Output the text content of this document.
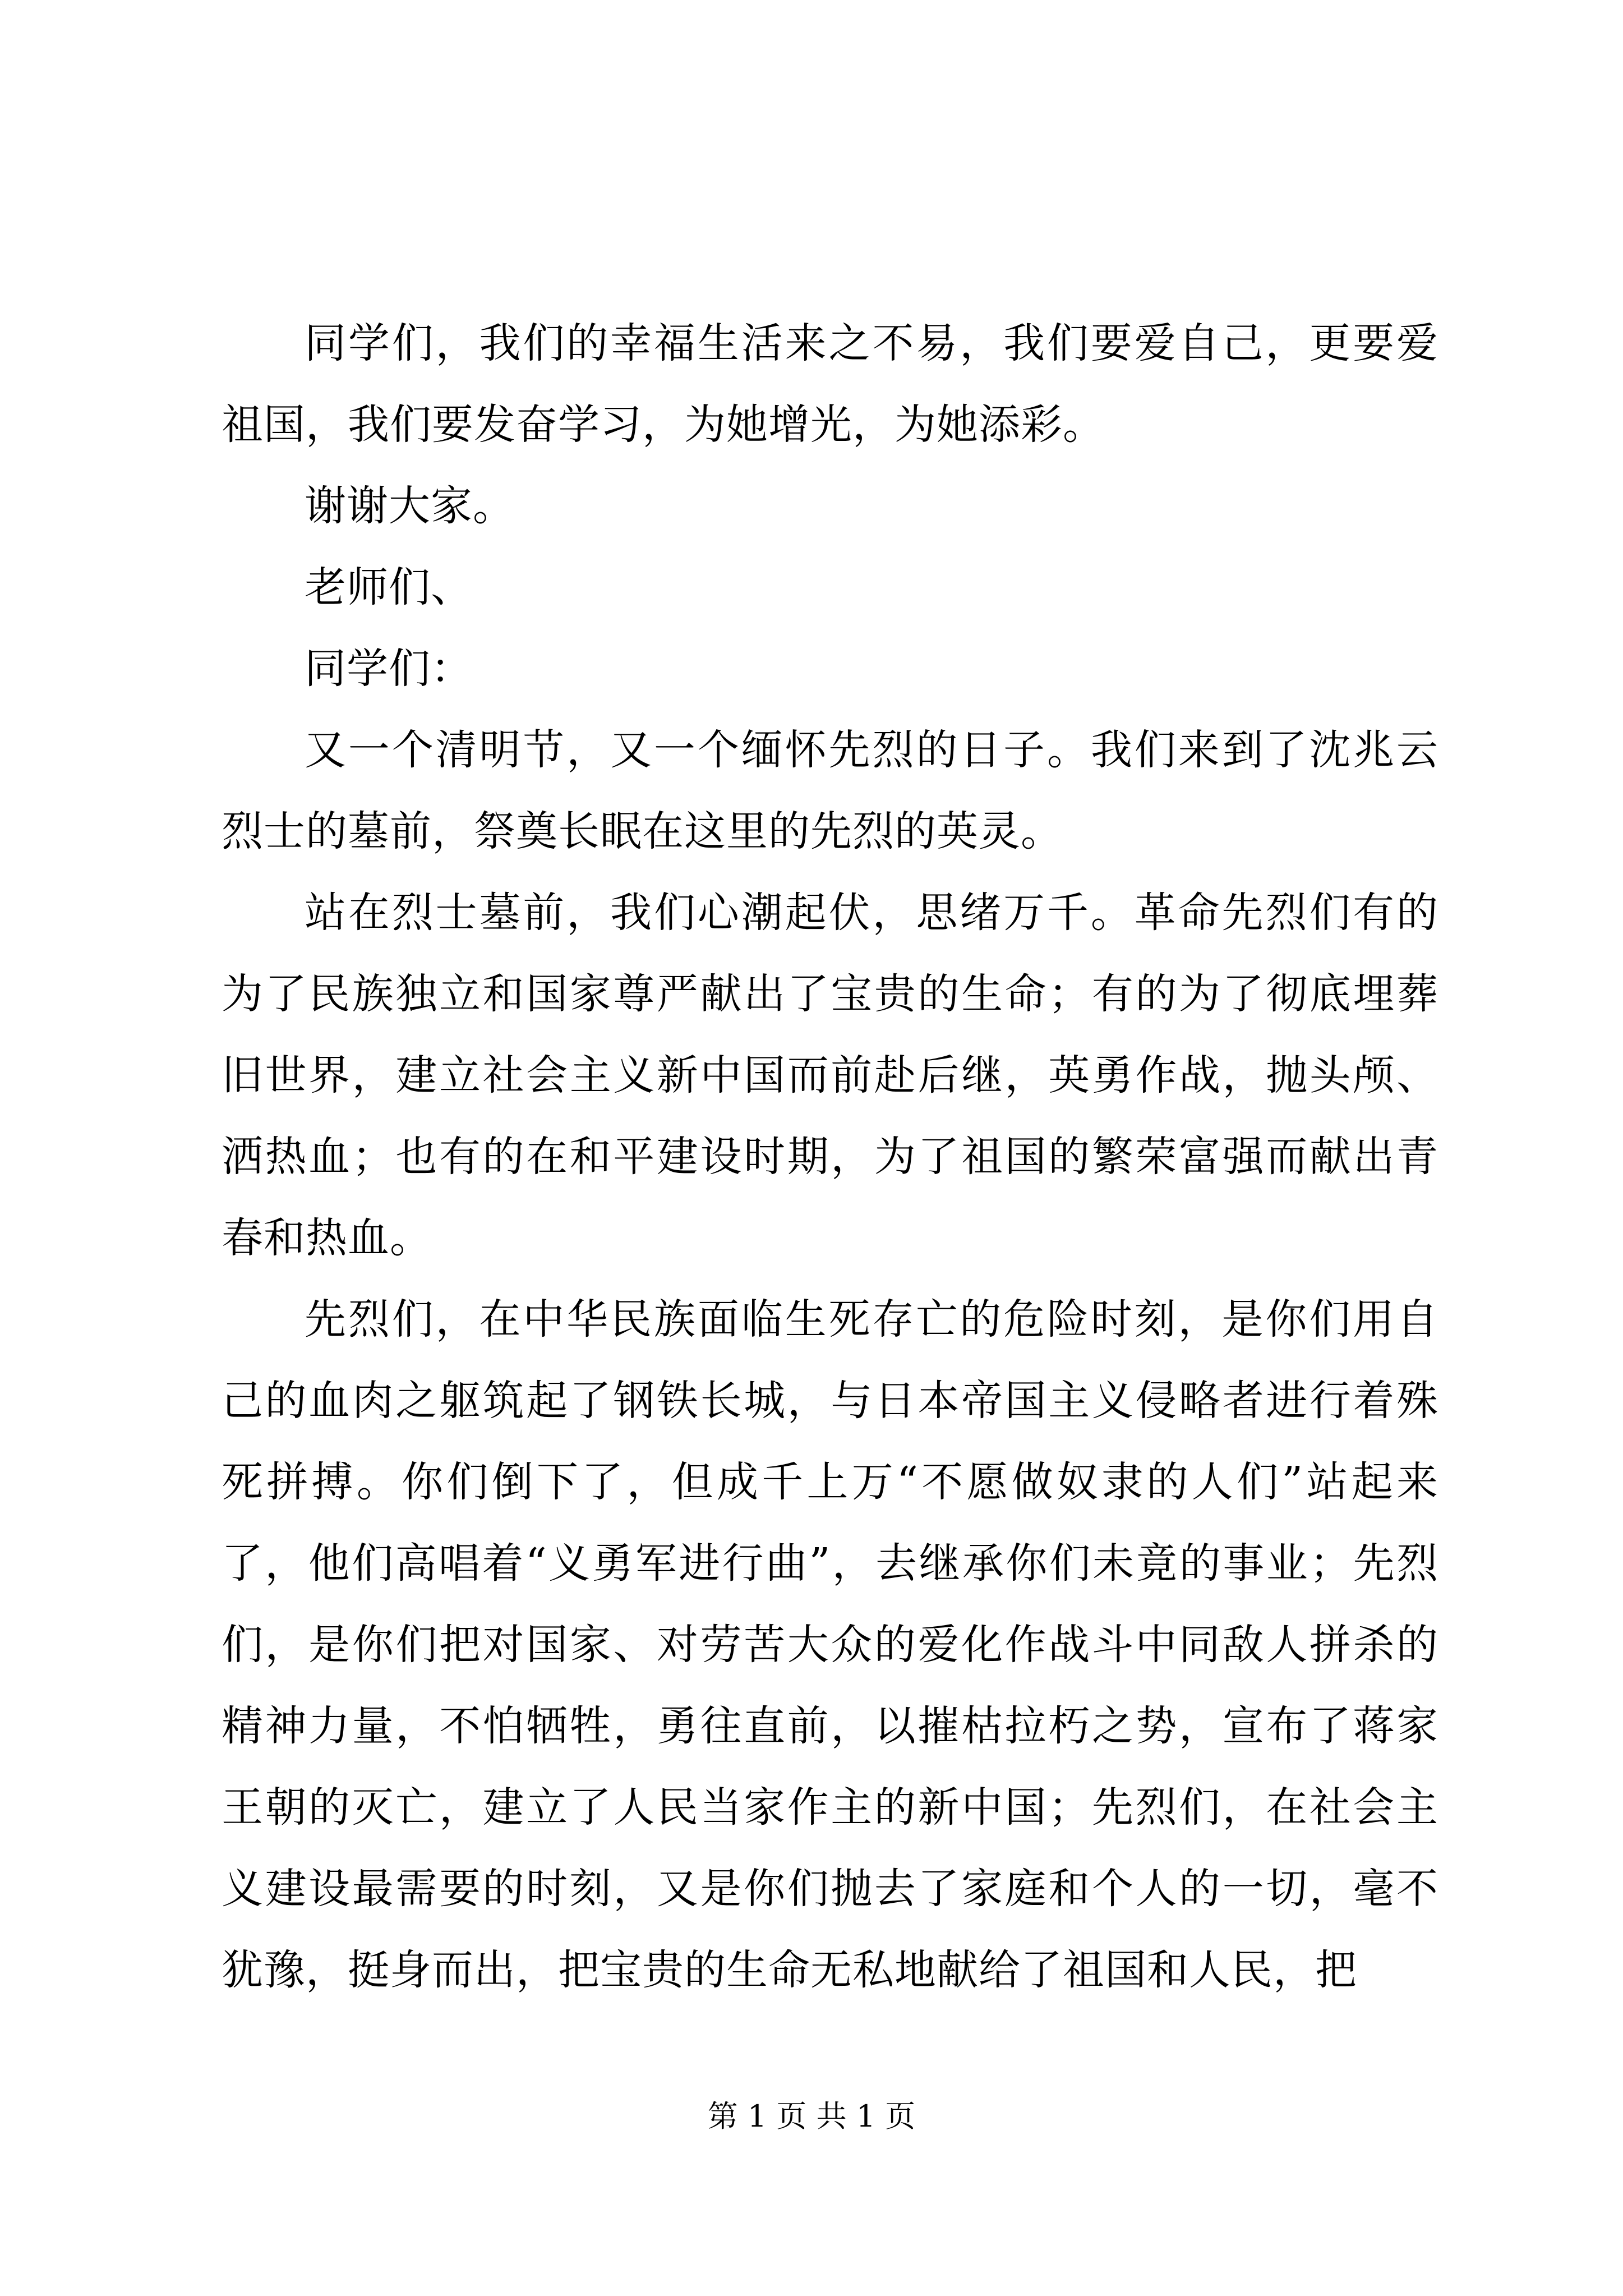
同学们，我们的幸福生活来之不易，我们要爱自己，更要爱祖国，我们要发奋学习，为她增光，为她添彩。

谢谢大家。

老师们、

同学们：

又一个清明节，又一个缅怀先烈的日子。我们来到了沈兆云烈士的墓前，祭奠长眠在这里的先烈的英灵。

站在烈士墓前，我们心潮起伏，思绪万千。革命先烈们有的为了民族独立和国家尊严献出了宝贵的生命；有的为了彻底埋葬旧世界，建立社会主义新中国而前赴后继，英勇作战，抛头颅、洒热血；也有的在和平建设时期，为了祖国的繁荣富强而献出青春和热血。

先烈们，在中华民族面临生死存亡的危险时刻，是你们用自己的血肉之躯筑起了钢铁长城，与日本帝国主义侵略者进行着殊死拼搏。你们倒下了，但成千上万“不愿做奴隶的人们”站起来了，他们高唱着“义勇军进行曲”，去继承你们未竟的事业；先烈们，是你们把对国家、对劳苦大众的爱化作战斗中同敌人拼杀的精神力量，不怕牺牲，勇往直前，以摧枯拉朽之势，宣布了蒋家王朝的灭亡，建立了人民当家作主的新中国；先烈们，在社会主义建设最需要的时刻，又是你们抛去了家庭和个人的一切，毫不犹豫，挺身而出，把宝贵的生命无私地献给了祖国和人民，把

第 1 页 共 1 页
